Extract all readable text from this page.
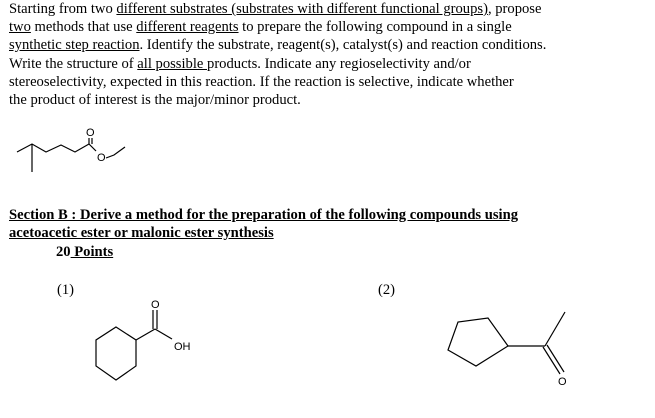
Starting from two different substrates (substrates with different functional groups), propose
two methods that use different reagents to prepare the following compound in a single
synthetic step reaction. Identify the substrate, reagent(s), catalyst(s) and reaction conditions.
Write the structure of all possible products. Indicate any regioselectivity and/or
stereoselectivity, expected in this reaction. If the reaction is selective, indicate whether
the product of interest is the major/minor product.
O
O
Section B : Derive a method for the preparation of the following compounds using
acetoacetic ester or malonic ester synthesis
20 Points
(1)	(2)
O
OH
O
